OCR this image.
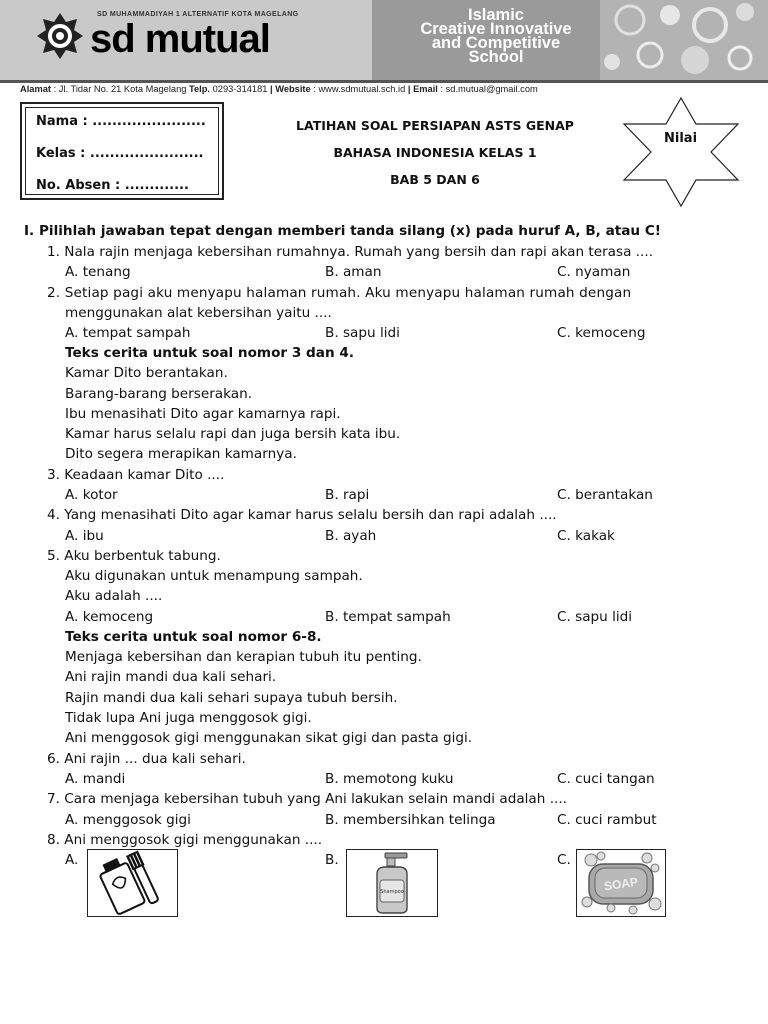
SD MUHAMMADIYAH 1 ALTERNATIF KOTA MAGELANG
sd mutual
Islamic
Creative Innovative
and Competitive
School
Alamat : Jl. Tidar No. 21 Kota Magelang Telp. 0293-314181 | Website : www.sdmutual.sch.id | Email : sd.mutual@gmail.com
Nama : .......................
Kelas : .......................
No. Absen : .............
LATIHAN SOAL PERSIAPAN ASTS GENAP
BAHASA INDONESIA KELAS 1
BAB 5 DAN 6
Nilai
I. Pilihlah jawaban tepat dengan memberi tanda silang (x) pada huruf A, B, atau C!
1. Nala rajin menjaga kebersihan rumahnya. Rumah yang bersih dan rapi akan terasa ....
A. tenang	B. aman	C. nyaman
2. Setiap pagi aku menyapu halaman rumah. Aku menyapu halaman rumah dengan
menggunakan alat kebersihan yaitu ....
A. tempat sampah	B. sapu lidi	C. kemoceng
Teks cerita untuk soal nomor 3 dan 4.
Kamar Dito berantakan.
Barang-barang berserakan.
Ibu menasihati Dito agar kamarnya rapi.
Kamar harus selalu rapi dan juga bersih kata ibu.
Dito segera merapikan kamarnya.
3. Keadaan kamar Dito ....
A. kotor	B. rapi	C. berantakan
4. Yang menasihati Dito agar kamar harus selalu bersih dan rapi adalah ....
A. ibu	B. ayah	C. kakak
5. Aku berbentuk tabung.
Aku digunakan untuk menampung sampah.
Aku adalah ....
A. kemoceng	B. tempat sampah	C. sapu lidi
Teks cerita untuk soal nomor 6-8.
Menjaga kebersihan dan kerapian tubuh itu penting.
Ani rajin mandi dua kali sehari.
Rajin mandi dua kali sehari supaya tubuh bersih.
Tidak lupa Ani juga menggosok gigi.
Ani menggosok gigi menggunakan sikat gigi dan pasta gigi.
6. Ani rajin ... dua kali sehari.
A. mandi	B. memotong kuku	C. cuci tangan
7. Cara menjaga kebersihan tubuh yang Ani lakukan selain mandi adalah ....
A. menggosok gigi	B. membersihkan telinga	C. cuci rambut
8. Ani menggosok gigi menggunakan ....
A.	B.	C.
Shampoo	SOAP
